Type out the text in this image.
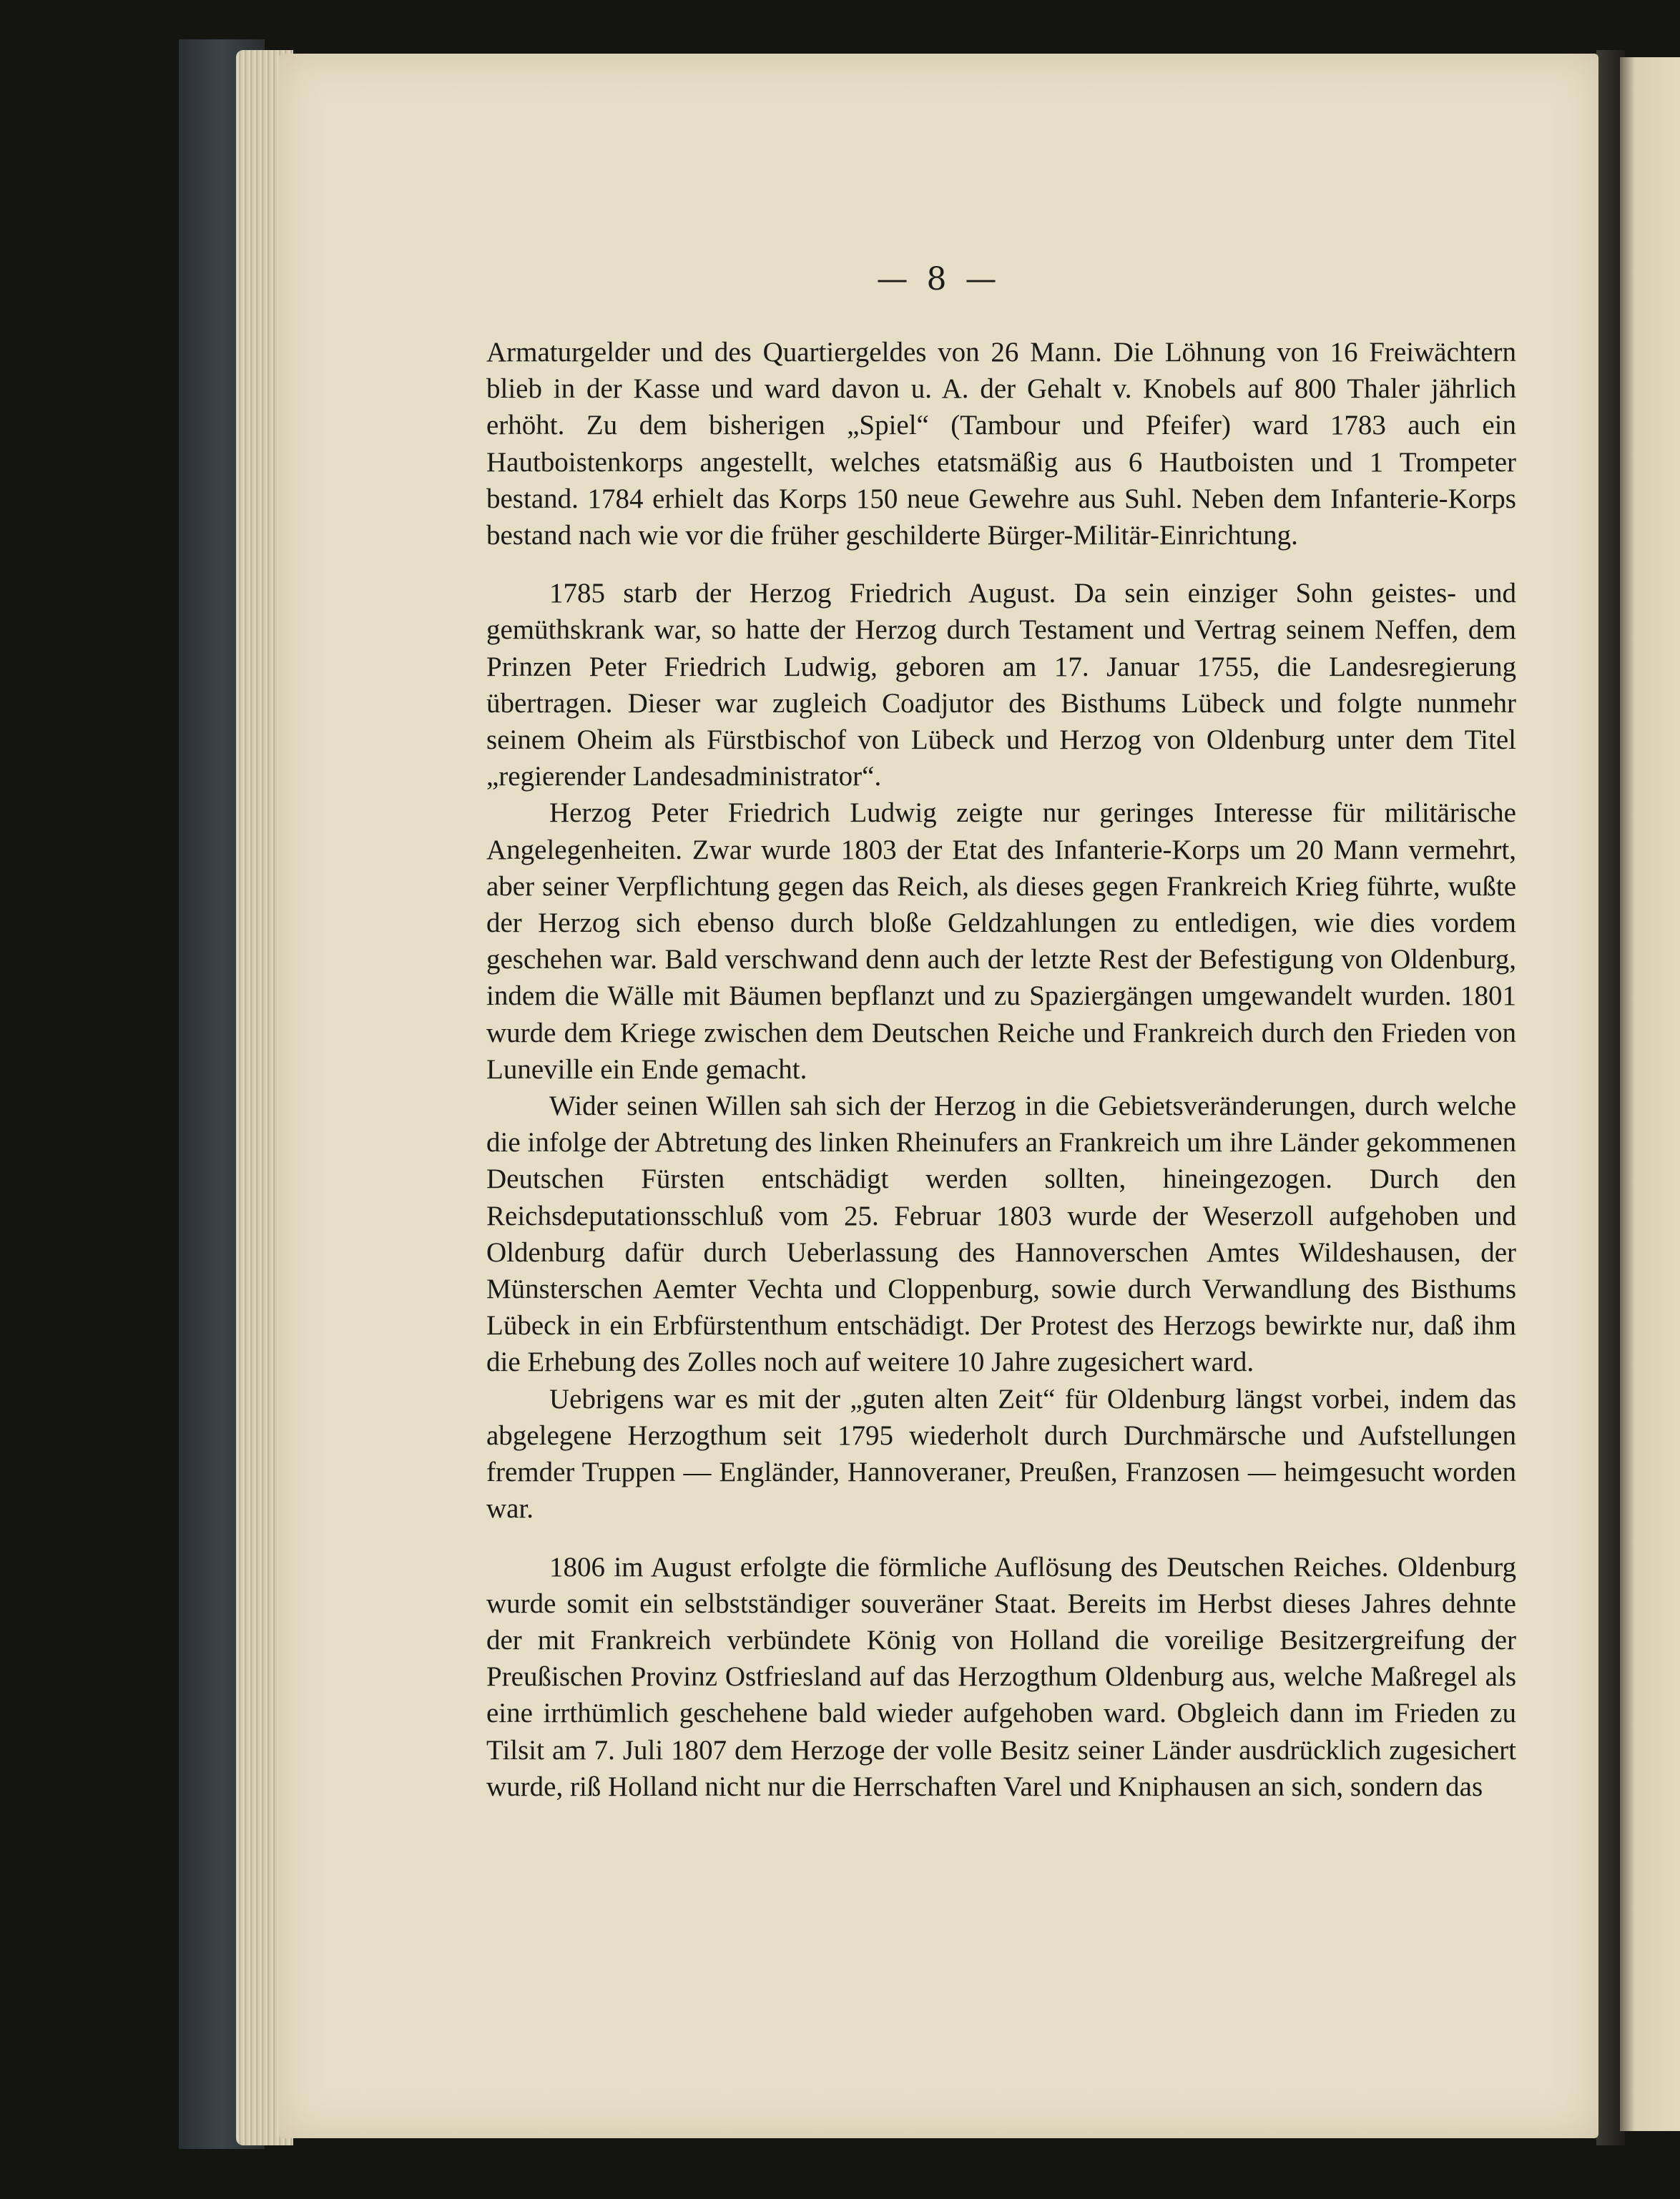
— 8 —

Armaturgelder und des Quartiergeldes von 26 Mann. Die Löhnung von 16 Freiwächtern blieb in der Kasse und ward davon u. A. der Gehalt v. Knobels auf 800 Thaler jährlich erhöht. Zu dem bisherigen „Spiel“ (Tambour und Pfeifer) ward 1783 auch ein Hautboistenkorps angestellt, welches etatsmäßig aus 6 Hautboisten und 1 Trompeter bestand. 1784 erhielt das Korps 150 neue Gewehre aus Suhl. Neben dem Infanterie-Korps bestand nach wie vor die früher geschilderte Bürger-Militär-Einrichtung.

1785 starb der Herzog Friedrich August. Da sein einziger Sohn geistes- und gemüthskrank war, so hatte der Herzog durch Testament und Vertrag seinem Neffen, dem Prinzen Peter Friedrich Ludwig, geboren am 17. Januar 1755, die Landesregierung übertragen. Dieser war zugleich Coadjutor des Bisthums Lübeck und folgte nunmehr seinem Oheim als Fürstbischof von Lübeck und Herzog von Oldenburg unter dem Titel „regierender Landesadministrator“.

Herzog Peter Friedrich Ludwig zeigte nur geringes Interesse für militärische Angelegenheiten. Zwar wurde 1803 der Etat des Infanterie-Korps um 20 Mann vermehrt, aber seiner Verpflichtung gegen das Reich, als dieses gegen Frankreich Krieg führte, wußte der Herzog sich ebenso durch bloße Geldzahlungen zu entledigen, wie dies vordem geschehen war. Bald verschwand denn auch der letzte Rest der Befestigung von Oldenburg, indem die Wälle mit Bäumen bepflanzt und zu Spaziergängen umgewandelt wurden. 1801 wurde dem Kriege zwischen dem Deutschen Reiche und Frankreich durch den Frieden von Luneville ein Ende gemacht.

Wider seinen Willen sah sich der Herzog in die Gebietsveränderungen, durch welche die infolge der Abtretung des linken Rheinufers an Frankreich um ihre Länder gekommenen Deutschen Fürsten entschädigt werden sollten, hineingezogen. Durch den Reichsdeputationsschluß vom 25. Februar 1803 wurde der Weserzoll aufgehoben und Oldenburg dafür durch Ueberlassung des Hannoverschen Amtes Wildeshausen, der Münsterschen Aemter Vechta und Cloppenburg, sowie durch Verwandlung des Bisthums Lübeck in ein Erbfürstenthum entschädigt. Der Protest des Herzogs bewirkte nur, daß ihm die Erhebung des Zolles noch auf weitere 10 Jahre zugesichert ward.

Uebrigens war es mit der „guten alten Zeit“ für Oldenburg längst vorbei, indem das abgelegene Herzogthum seit 1795 wiederholt durch Durchmärsche und Aufstellungen fremder Truppen — Engländer, Hannoveraner, Preußen, Franzosen — heimgesucht worden war.

1806 im August erfolgte die förmliche Auflösung des Deutschen Reiches. Oldenburg wurde somit ein selbstständiger souveräner Staat. Bereits im Herbst dieses Jahres dehnte der mit Frankreich verbündete König von Holland die voreilige Besitzergreifung der Preußischen Provinz Ostfriesland auf das Herzogthum Oldenburg aus, welche Maßregel als eine irrthümlich geschehene bald wieder aufgehoben ward. Obgleich dann im Frieden zu Tilsit am 7. Juli 1807 dem Herzoge der volle Besitz seiner Länder ausdrücklich zugesichert wurde, riß Holland nicht nur die Herrschaften Varel und Kniphausen an sich, sondern das
